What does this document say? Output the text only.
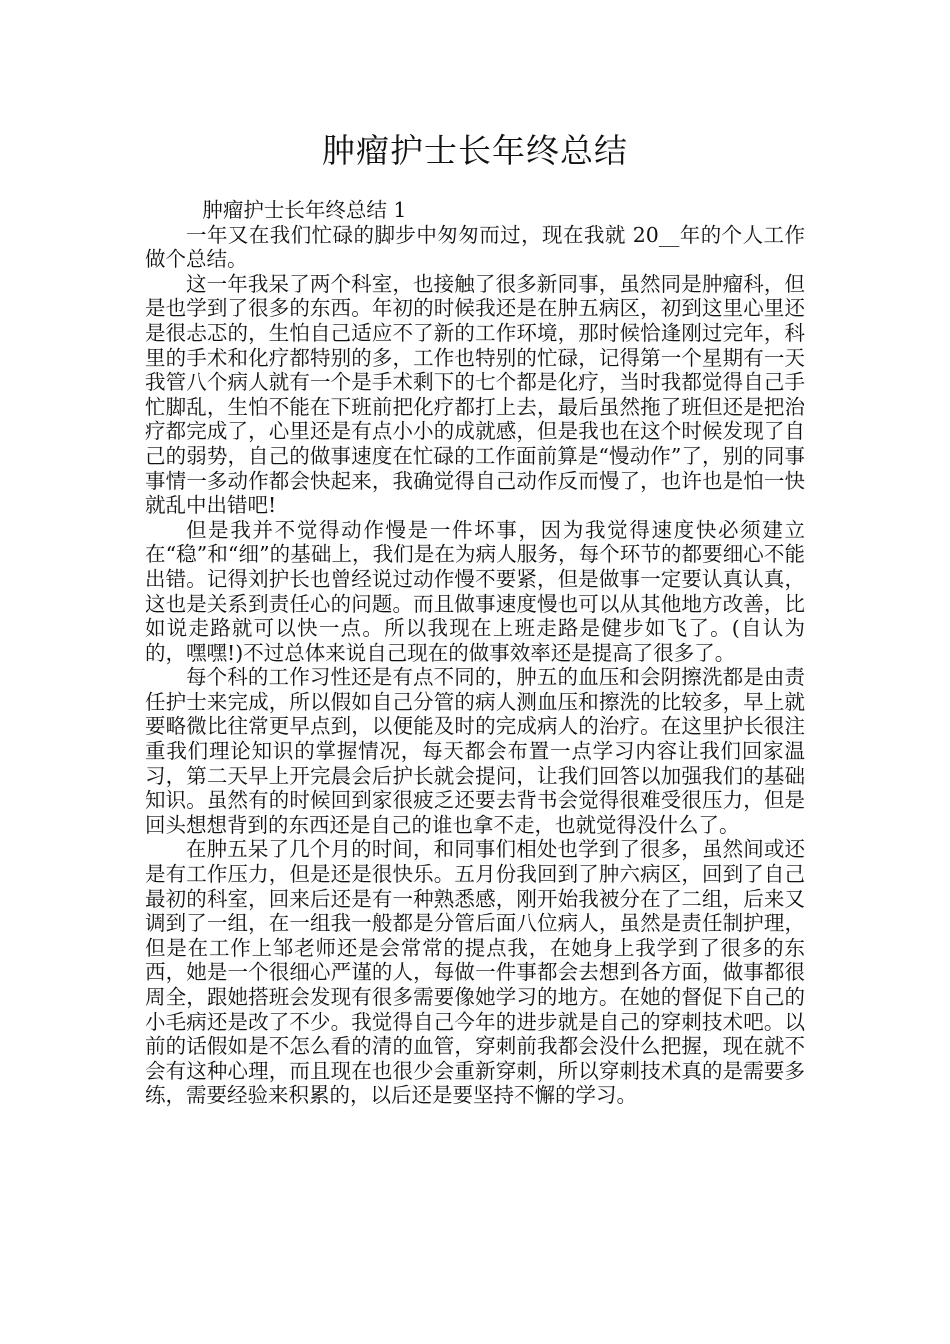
肿瘤护士长年终总结

肿瘤护士长年终总结 1

一年又在我们忙碌的脚步中匆匆而过，现在我就 20__年的个人工作做个总结。

这一年我呆了两个科室，也接触了很多新同事，虽然同是肿瘤科，但是也学到了很多的东西。年初的时候我还是在肿五病区，初到这里心里还是很忐忑的，生怕自己适应不了新的工作环境，那时候恰逢刚过完年，科里的手术和化疗都特别的多，工作也特别的忙碌，记得第一个星期有一天我管八个病人就有一个是手术剩下的七个都是化疗，当时我都觉得自己手忙脚乱，生怕不能在下班前把化疗都打上去，最后虽然拖了班但还是把治疗都完成了，心里还是有点小小的成就感，但是我也在这个时候发现了自己的弱势，自己的做事速度在忙碌的工作面前算是“慢动作”了，别的同事事情一多动作都会快起来，我确觉得自己动作反而慢了，也许也是怕一快就乱中出错吧!

但是我并不觉得动作慢是一件坏事，因为我觉得速度快必须建立在“稳”和“细”的基础上，我们是在为病人服务，每个环节的都要细心不能出错。记得刘护长也曾经说过动作慢不要紧，但是做事一定要认真认真，这也是关系到责任心的问题。而且做事速度慢也可以从其他地方改善，比如说走路就可以快一点。所以我现在上班走路是健步如飞了。(自认为的，嘿嘿!)不过总体来说自己现在的做事效率还是提高了很多了。

每个科的工作习性还是有点不同的，肿五的血压和会阴擦洗都是由责任护士来完成，所以假如自己分管的病人测血压和擦洗的比较多，早上就要略微比往常更早点到，以便能及时的完成病人的治疗。在这里护长很注重我们理论知识的掌握情况，每天都会布置一点学习内容让我们回家温习，第二天早上开完晨会后护长就会提问，让我们回答以加强我们的基础知识。虽然有的时候回到家很疲乏还要去背书会觉得很难受很压力，但是回头想想背到的东西还是自己的谁也拿不走，也就觉得没什么了。

在肿五呆了几个月的时间，和同事们相处也学到了很多，虽然间或还是有工作压力，但是还是很快乐。五月份我回到了肿六病区，回到了自己最初的科室，回来后还是有一种熟悉感，刚开始我被分在了二组，后来又调到了一组，在一组我一般都是分管后面八位病人，虽然是责任制护理，但是在工作上邹老师还是会常常的提点我，在她身上我学到了很多的东西，她是一个很细心严谨的人，每做一件事都会去想到各方面，做事都很周全，跟她搭班会发现有很多需要像她学习的地方。在她的督促下自己的小毛病还是改了不少。我觉得自己今年的进步就是自己的穿刺技术吧。以前的话假如是不怎么看的清的血管，穿刺前我都会没什么把握，现在就不会有这种心理，而且现在也很少会重新穿刺，所以穿刺技术真的是需要多练，需要经验来积累的，以后还是要坚持不懈的学习。
